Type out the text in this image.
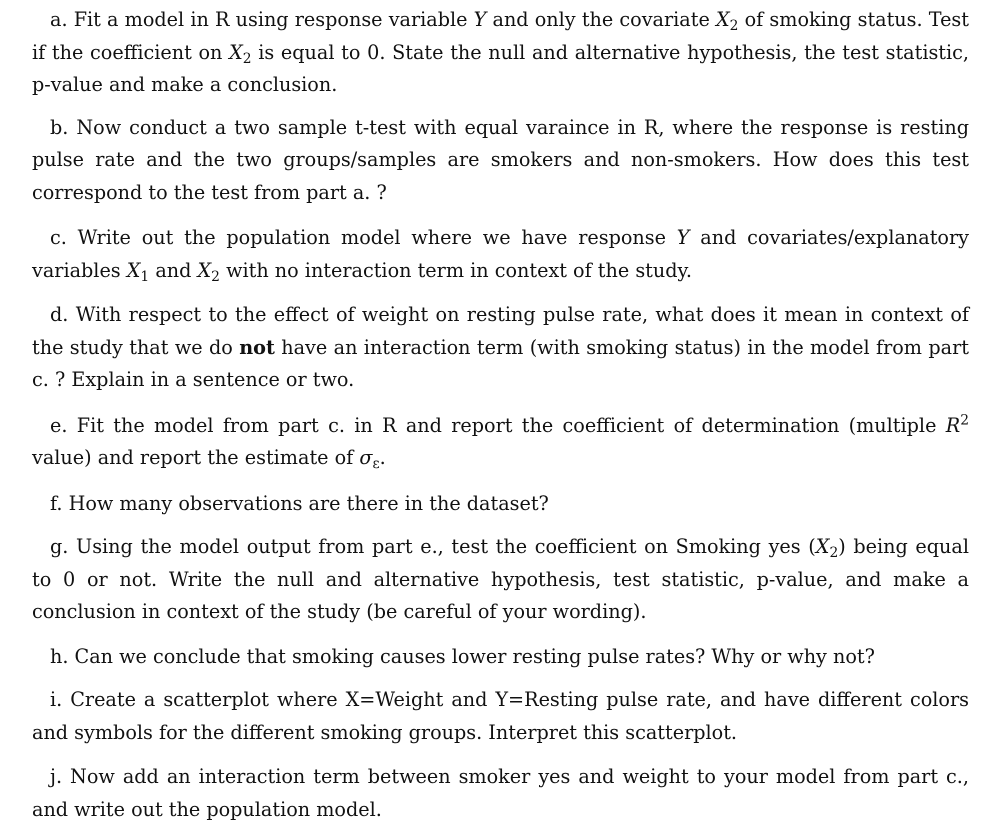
a. Fit a model in R using response variable Y and only the covariate $X_2$ of smoking status. Test if the coefficient on $X_2$ is equal to 0. State the null and alternative hypothesis, the test statistic, p-value and make a conclusion.

b. Now conduct a two sample t-test with equal varaince in R, where the response is resting pulse rate and the two groups/samples are smokers and non-smokers. How does this test correspond to the test from part a. ?

c. Write out the population model where we have response Y and covariates/explanatory variables $X_1$ and $X_2$ with no interaction term in context of the study.

d. With respect to the effect of weight on resting pulse rate, what does it mean in context of the study that we do not have an interaction term (with smoking status) in the model from part c. ? Explain in a sentence or two.

e. Fit the model from part c. in R and report the coefficient of determination (multiple $R^2$ value) and report the estimate of $\sigma_\varepsilon$.

f. How many observations are there in the dataset?

g. Using the model output from part e., test the coefficient on Smoking yes $(X_2)$ being equal to 0 or not. Write the null and alternative hypothesis, test statistic, p-value, and make a conclusion in context of the study (be careful of your wording).

h. Can we conclude that smoking causes lower resting pulse rates? Why or why not?

i. Create a scatterplot where X=Weight and Y=Resting pulse rate, and have different colors and symbols for the different smoking groups. Interpret this scatterplot.

j. Now add an interaction term between smoker yes and weight to your model from part c., and write out the population model.
